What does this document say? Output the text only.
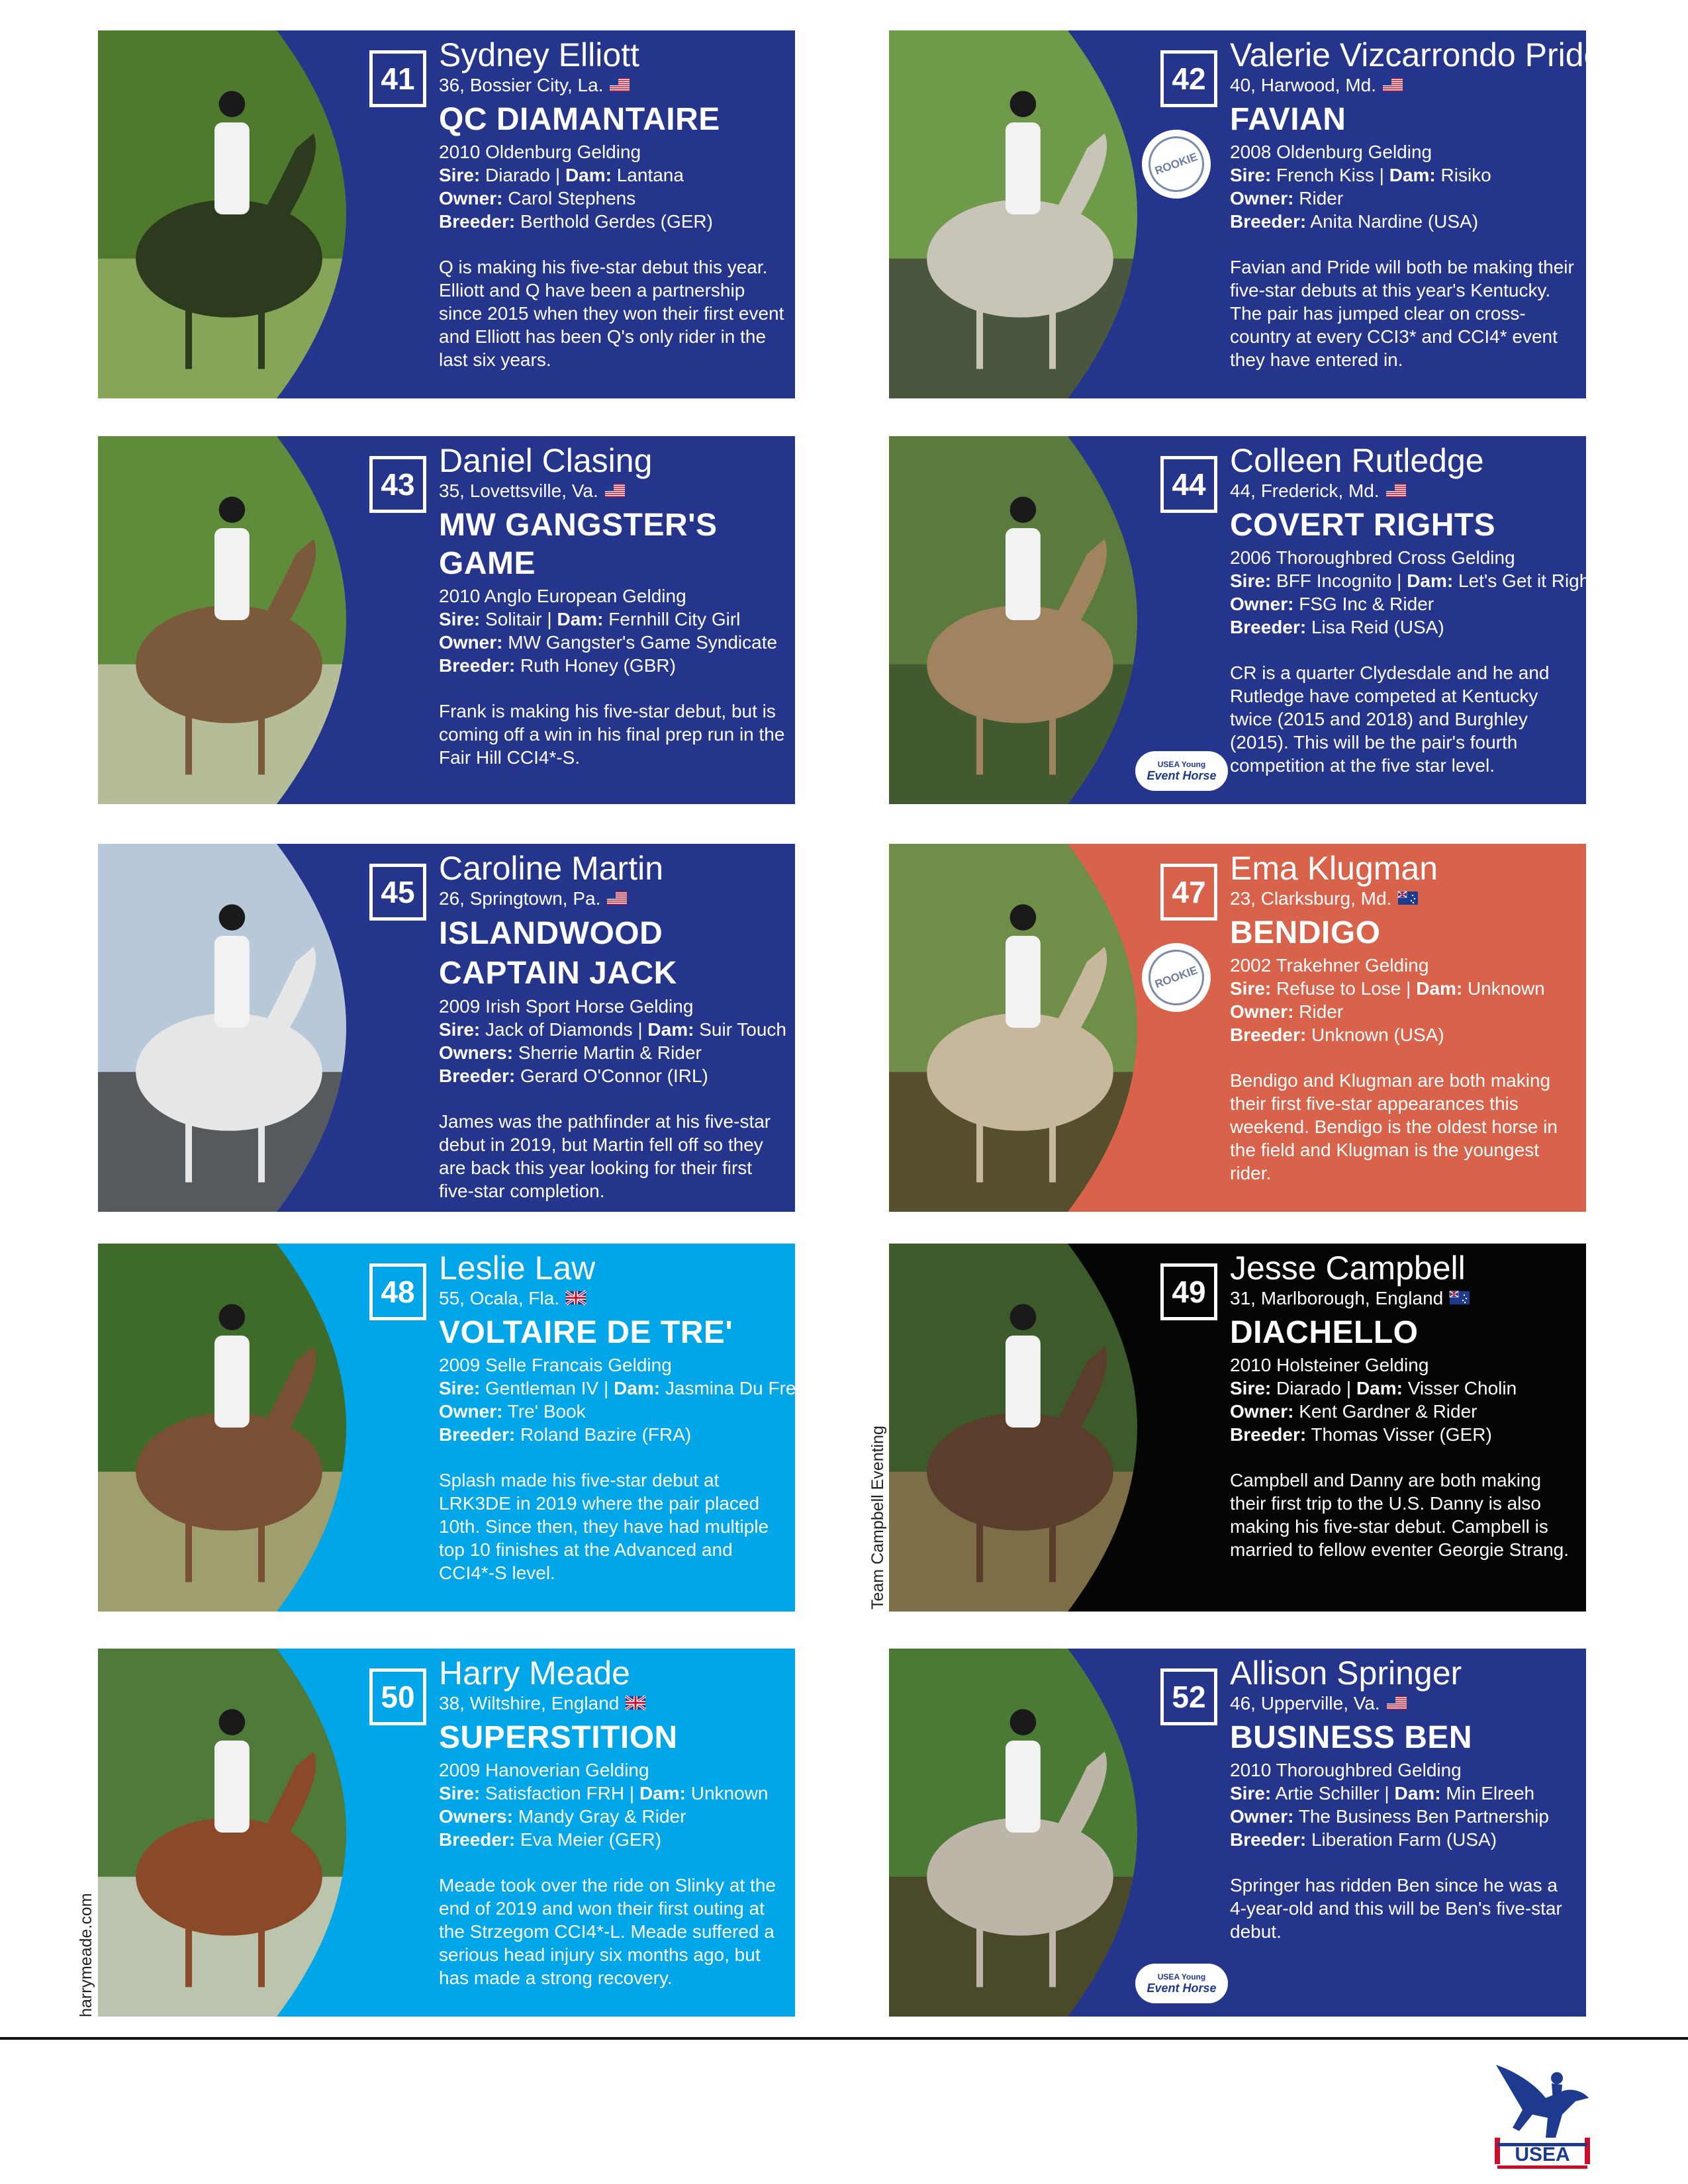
41
Sydney Elliott
36, Bossier City, La.
QC DIAMANTAIRE
2010 Oldenburg Gelding
Sire: Diarado | Dam: Lantana
Owner: Carol Stephens
Breeder: Berthold Gerdes (GER)
Q is making his five-star debut this year. Elliott and Q have been a partnership since 2015 when they won their first event and Elliott has been Q's only rider in the last six years.
42
ROOKIE
Valerie Vizcarrondo Pride
40, Harwood, Md.
FAVIAN
2008 Oldenburg Gelding
Sire: French Kiss | Dam: Risiko
Owner: Rider
Breeder: Anita Nardine (USA)
Favian and Pride will both be making their five-star debuts at this year's Kentucky. The pair has jumped clear on cross-country at every CCI3* and CCI4* event they have entered in.
43
Daniel Clasing
35, Lovettsville, Va.
MW GANGSTER'S GAME
2010 Anglo European Gelding
Sire: Solitair | Dam: Fernhill City Girl
Owner: MW Gangster's Game Syndicate
Breeder: Ruth Honey (GBR)
Frank is making his five-star debut, but is coming off a win in his final prep run in the Fair Hill CCI4*-S.
44
USEA Young
Event Horse
Colleen Rutledge
44, Frederick, Md.
COVERT RIGHTS
2006 Thoroughbred Cross Gelding
Sire: BFF Incognito | Dam: Let's Get it Right
Owner: FSG Inc & Rider
Breeder: Lisa Reid (USA)
CR is a quarter Clydesdale and he and Rutledge have competed at Kentucky twice (2015 and 2018) and Burghley (2015). This will be the pair's fourth competition at the five star level.
45
Caroline Martin
26, Springtown, Pa.
ISLANDWOOD CAPTAIN JACK
2009 Irish Sport Horse Gelding
Sire: Jack of Diamonds | Dam: Suir Touch
Owners: Sherrie Martin & Rider
Breeder: Gerard O'Connor (IRL)
James was the pathfinder at his five-star debut in 2019, but Martin fell off so they are back this year looking for their first five-star completion.
47
ROOKIE
Ema Klugman
23, Clarksburg, Md.
BENDIGO
2002 Trakehner Gelding
Sire: Refuse to Lose | Dam: Unknown
Owner: Rider
Breeder: Unknown (USA)
Bendigo and Klugman are both making their first five-star appearances this weekend. Bendigo is the oldest horse in the field and Klugman is the youngest rider.
48
Leslie Law
55, Ocala, Fla.
VOLTAIRE DE TRE'
2009 Selle Francais Gelding
Sire: Gentleman IV | Dam: Jasmina Du Fresne
Owner: Tre' Book
Breeder: Roland Bazire (FRA)
Splash made his five-star debut at LRK3DE in 2019 where the pair placed 10th. Since then, they have had multiple top 10 finishes at the Advanced and CCI4*-S level.
49
Jesse Campbell
31, Marlborough, England
DIACHELLO
2010 Holsteiner Gelding
Sire: Diarado | Dam: Visser Cholin
Owner: Kent Gardner & Rider
Breeder: Thomas Visser (GER)
Campbell and Danny are both making their first trip to the U.S. Danny is also making his five-star debut. Campbell is married to fellow eventer Georgie Strang.
50
Harry Meade
38, Wiltshire, England
SUPERSTITION
2009 Hanoverian Gelding
Sire: Satisfaction FRH | Dam: Unknown
Owners: Mandy Gray & Rider
Breeder: Eva Meier (GER)
Meade took over the ride on Slinky at the end of 2019 and won their first outing at the Strzegom CCI4*-L. Meade suffered a serious head injury six months ago, but has made a strong recovery.
52
USEA Young
Event Horse
Allison Springer
46, Upperville, Va.
BUSINESS BEN
2010 Thoroughbred Gelding
Sire: Artie Schiller | Dam: Min Elreeh
Owner: The Business Ben Partnership
Breeder: Liberation Farm (USA)
Springer has ridden Ben since he was a 4-year-old and this will be Ben's five-star debut.
Team Campbell Eventing
harrymeade.com
USEA
